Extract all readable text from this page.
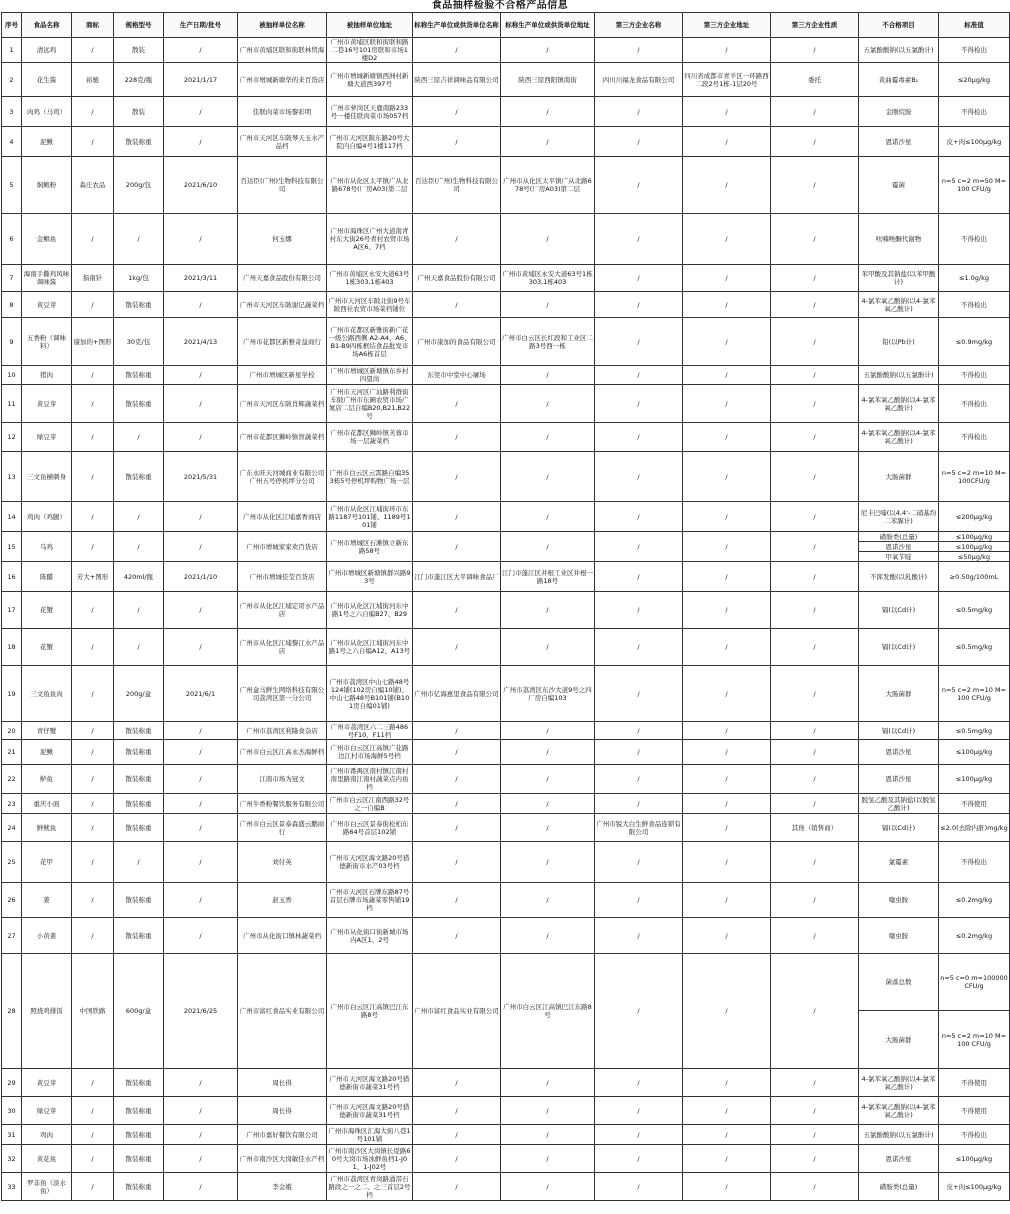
食品抽样检验不合格产品信息
序号	食品名称	商标	规格型号	生产日期/批号	被抽样单位名称	被抽样单位地址	标称生产单位或供货单位名称	标称生产单位或供货单位地址	第三方企业名称	第三方企业地址	第三方企业性质	不合格项目	标准值
1	清远鸡	/	散装	/	广州市黄埔区联和街联林贸海	广州市黄埔区联和街联和路二巷16号101房联和市场1楼D2	/	/	/	/	/	五氯酚酸钠(以五氯酚计)	不得检出
2	花生酱	裕驰	228克/瓶	2021/1/17	广州市增城新塘华的来百货店	广州市增城新塘镇西洲村新塘大道西397号	陕西三原吉祥调味品有限公司	陕西三原西阳镇南街	四川川福龙食品有限公司	四川省成都市青羊区一环路西二段2号1栋-1层20号	委托	黄曲霉毒素B₁	≤20μg/kg
3	肉鸡（马鸡）	/	散装	/	佳联肉菜市场黎彩明	广州市萝岗区天鹿南路233号一楼佳联肉菜市场057档	/	/	/	/	/	金刚烷胺	不得检出
4	泥鳅	/	散装称重	/	广州市天河区车陂琴天玉水产品档	广州市天河区陂东路20号大院内自编4号1楼117档	/	/	/	/	/	恩诺沙星	皮+肉≤100μg/kg
5	焖鲍粉	森庄农品	200g/包	2021/6/10	百达臣(广州)生物科技有限公司	广州市从化区太平镇广从北路678号(厂房A03)第二层	百达臣(广州)生物科技有限公司	广州市从化区太平镇广从北路678号(厂房A03)第二层	/	/	/	霉菌	n=5 c=2 m=50 M=100 CFU/g
6	金鲳鱼	/	/	/	何玉娜	广州市海珠区广州大道南青村东大街26号青村农贸市场A区6、7档	/	/	/	/	/	呋喃唑酮代谢物	不得检出
7	海南手撕鸡风味调味酱	指南针	1kg/包	2021/3/11	广州天嘉食品股份有限公司	广州市黄埔区永安大道63号1栋303,1栋403	广州天嘉食品股份有限公司	广州市黄埔区永安大道63号1栋303,1栋403	/	/	/	苯甲酸及其钠盐(以苯甲酸计)	≤1.0g/kg
8	黄豆芽	/	散装称重	/	广州市天河区车陂谢记蔬菜档	广州市天河区车陂北街9号车陂西社农贸市场菜档铺位	/	/	/	/	/	4-氯苯氧乙酸钠(以4-氯苯氧乙酸计)	不得检出
9	五香粉（调味料）	康加的+图形	30克/包	2021/4/13	广州市花都区新雅奇益商行	广州市花都区新雅街新广花一级公路西侧 A2-A4、A6、B1-B9四栋框结食品批发市场A6栋首层	广州市康加的食品有限公司	广州市白云区长红段和工业区二路3号西一栋	/	/	/	铅(以Pb计)	≤0.9mg/kg
10	猪肉	/	散装称重	/	广州市增城区新星学校	广州市增城区新塘镇东乡村四望岗	东莞市中堂中心屠场	/	/	/	/	五氯酚酸钠(以五氯酚计)	不得检出
11	黄豆芽	/	散装称重	/	广州市天河区车陂肖辉蔬菜档	广州市天河区广汕路利群街车陂广州市东圃农贸市场广氮店二层自编B20,B21,B22号	/	/	/	/	/	4-氯苯氧乙酸钠(以4-氯苯氧乙酸计)	不得检出
12	绿豆芽	/	/	/	广州市花都区狮岭镇智蔬菜档	广州市花都区狮岭镇芙蓉市场一层蔬菜档	/	/	/	/	/	4-氯苯氧乙酸钠(以4-氯苯氧乙酸计)	不得检出
13	三文鱼横刺身	/	散装称重	2021/5/31	广东永旺天河城商业有限公司广州五号停机坪分公司	广州市白云区云霄路自编353栋5号停机坪购物广场一层	/	/	/	/	/	大肠菌群	n=5 c=2 m=10 M=100CFU/g
14	鸡肉（鸡腿）	/	/	/	广州市从化区江埔嘉香商店	广州市从化区江埔街环市东路1187号101铺、1189号101铺	/	/	/	/	/	尼卡巴嗪(以4,4'-二硝基均二苯脲计)	≤200μg/kg
15	乌鸡	/	/	/	广州市增城家家欢百货店	广州市增城区石滩镇立新东路58号	/	/	/	/	/	磺胺类(总量)	≤100μg/kg
												恩诺沙星	≤100μg/kg
												甲氧苄啶	≤50μg/kg
16	陈醋	芳大+图形	420ml/瓶	2021/1/10	广州市增城佳莹百货店	广州市增城区新塘镇群兴路93号	江门市蓬江区大平调味食品厂	江门市蓬江区井根工业区井根一路18号	/	/	/	不挥发酸(以乳酸计)	≥0.50g/100mL
17	花蟹	/	/	/	广州市从化区江埔定哥水产品店	广州市从化区江埔街河东中路1号之六自编B27、B29	/	/	/	/	/	镉(以Cd计)	≤0.5mg/kg
18	花蟹	/	/	/	广州市从化区江埔黎江水产品店	广州市从化区江埔街河东中路1号之六自编A12、A13号	/	/	/	/	/	镉(以Cd计)	≤0.5mg/kg
19	三文鱼鱼肉	/	200g/盒	2021/6/1	广州盒马鲜生网络科技有限公司荔湾区第一分公司	广州市荔湾区中山七路48号124铺(102房自编10铺)、中山七路48号B101铺(B101房自编01铺)	广州市亿海惠里食品有限公司	广州市荔湾区东沙大道9号之四厂房自编103	/	/	/	大肠菌群	n=5 c=2 m=10 M=100 CFU/g
20	青仔蟹	/	散装称重	/	广州市荔湾区利隆食杂店	广州市荔湾区六二三路486号F10、F11档	/	/	/	/	/	镉(以Cd计)	≤0.5mg/kg
21	泥鳅	/	散装称重	/	广州市白云区江高永杰海鲜档	广州市白云区江高镇广花路边江村市场海鲜5号档	/	/	/	/	/	恩诺沙星	≤100μg/kg
22	鲈鱼	/	散装称重	/	江南市场为冠文	广州市番禺区南村镇江南村南里路南江南村蔬菜点内鱼档	/	/	/	/	/	恩诺沙星	≤100μg/kg
23	重庆小面	/	散装称重	/	广州牛香粉餐饮服务有限公司	广州市白云区江南西路32号之一自编B	/	/	/	/	/	脱氢乙酸及其钠盐(以脱氢乙酸计)	不得使用
24	鲜鱿鱼	/	散装称重	/	广州市白云区景泰森盛云鹏商行	广州市白云区景泰街松柏东路64号首层102铺	/	/	广州市锐大白生鲜食品连锁有限公司	/	其他（销售商）	镉(以Cd计)	≤2.0(去除内脏)mg/kg
25	花甲	/	/	/	刘付英	广州市天河区海文路20号猎德新街市水产03号档	/	/	/	/	/	氯霉素	不得检出
26	姜	/	散装称重	/	赵玉香	广州市天河区石牌东路87号首层石牌市场蔬菜零售铺19档	/	/	/	/	/	噻虫胺	≤0.2mg/kg
27	小黄姜	/	散装称重	/	广州市从化街口镇林蔬菜档	广州市从化街口街新城市场内A区1、2号	/	/	/	/	/	噻虫胺	≤0.2mg/kg
28	照烧鸡排饭	中国铁路	600g/盒	2021/6/25	广州市富红食品实业有限公司	广州市白云区江高镇巴江东路8号	广州市富红食品实业有限公司	广州市白云区江高镇巴江东路8号	/	/	/	菌落总数	n=5 c=0 m=100000 CFU/g
												大肠菌群	n=5 c=2 m=10 M=100 CFU/g
29	黄豆芽	/	散装称重	/	周长得	广州市天河区海文路20号猎德新街市蔬菜31号档	/	/	/	/	/	4-氯苯氧乙酸钠(以4-氯苯氧乙酸计)	不得使用
30	绿豆芽	/	散装称重	/	周长得	广州市天河区海文路20号猎德新街市蔬菜31号档	/	/	/	/	/	4-氯苯氧乙酸钠(以4-氯苯氧乙酸计)	不得使用
31	鸡肉	/	散装称重	/	广州市嘉好餐饮有限公司	广州市海珠区汇海大街八巷1号101铺	/	/	/	/	/	五氯酚酸钠(以五氯酚计)	不得检出
32	黄花鱼	/	散装称重	/	广州市南沙区大岗敏佳水产档	广州市南沙区大岗镇长堤路60号大岗市场冰鲜鱼档1-J01、1-J02号	/	/	/	/	/	恩诺沙星	≤100μg/kg
33	罗非鱼（淡水鱼）	/	散装称重	/	李金娥	广州市荔湾区青岗路涌滘石路段之一之二、之三首层2号档	/	/	/	/	/	磺胺类(总量)	皮+肉≤100μg/kg
